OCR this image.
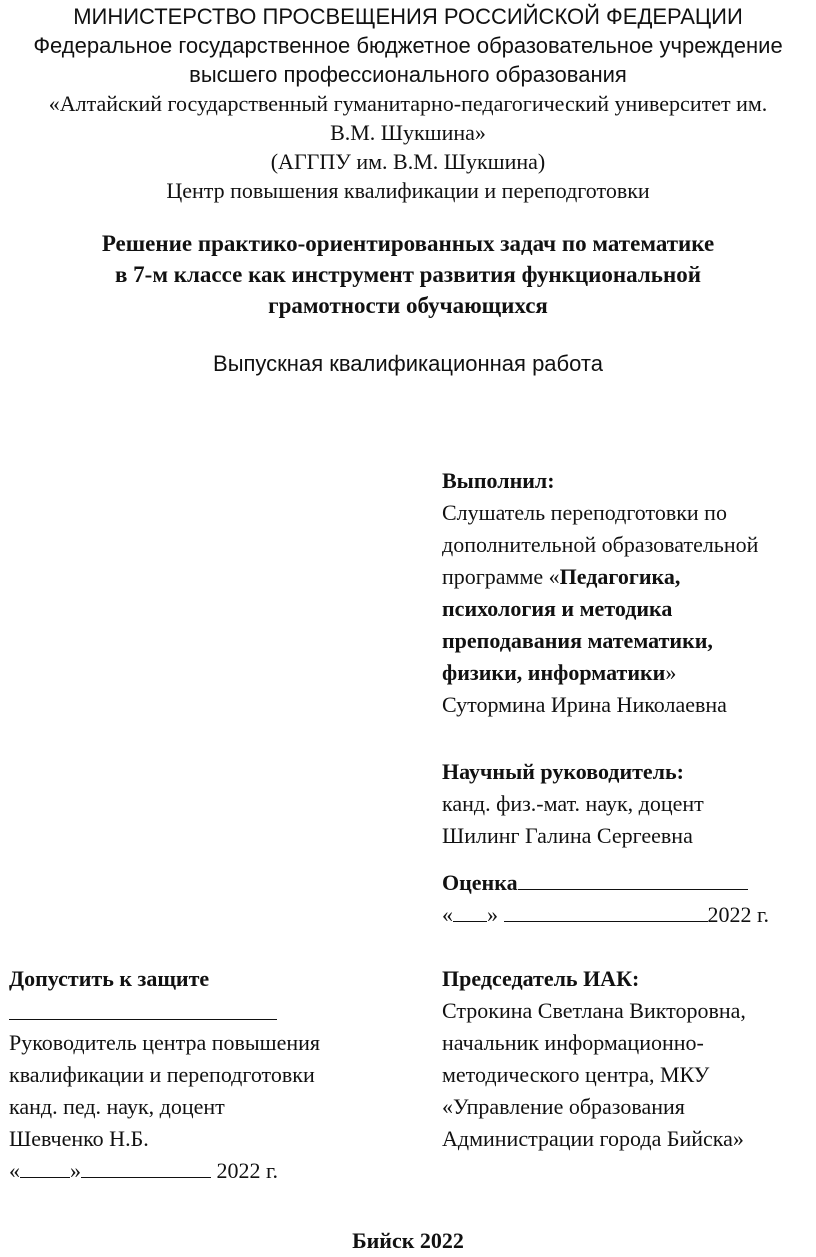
МИНИСТЕРСТВО ПРОСВЕЩЕНИЯ РОССИЙСКОЙ ФЕДЕРАЦИИ
Федеральное государственное бюджетное образовательное учреждение
высшего профессионального образования
«Алтайский государственный гуманитарно-педагогический университет им.
В.М. Шукшина»
(АГГПУ им. В.М. Шукшина)
Центр повышения квалификации и переподготовки
Решение практико-ориентированных задач по математике
в 7-м классе как инструмент развития функциональной
грамотности обучающихся
Выпускная квалификационная работа
Выполнил:
Слушатель переподготовки по
дополнительной образовательной
программе «Педагогика,
психология и методика
преподавания математики,
физики, информатики»
Сутормина Ирина Николаевна
Научный руководитель:
канд. физ.-мат. наук, доцент
Шилинг Галина Сергеевна
Оценка
« »	2022 г.
Допустить к защите
Руководитель центра повышения
квалификации и переподготовки
канд. пед. наук, доцент
Шевченко Н.Б.
« »	2022 г.
Председатель ИАК:
Строкина Светлана Викторовна,
начальник информационно-
методического центра, МКУ
«Управление образования
Администрации города Бийска»
Бийск 2022
